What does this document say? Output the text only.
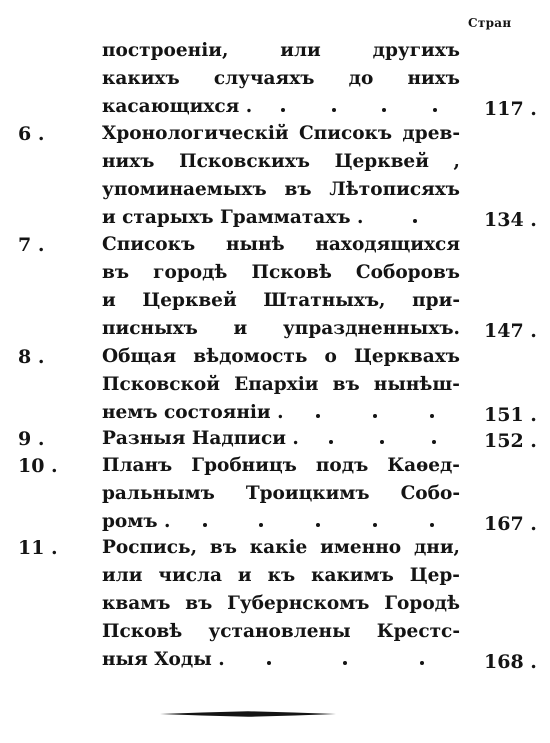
Cтран
построенiи, или другихъ
какихъ случаяхъ до нихъ
касающихся .	117 .
6 .	Хронологическiй Списокъ древ-
нихъ Псковскихъ Церквей ,
упоминаемыхъ въ Лѣтописяхъ
и старыхъ Грамматахъ .	134 .
7 .	Списокъ нынѣ находящихся
въ городѣ Псковѣ Соборовъ
и Церквей Штатныхъ, при-
писныхъ и упраздненныхъ. 147 .
8 .	Общая вѣдомость о Церквахъ
Псковской Епархiи въ нынѣш-
немъ состоянiи .	151 .
9 .	Разныя Надписи .	152 .
10 . Планъ Гробницъ подъ Каѳед-
ральнымъ Троицкимъ Собо-
ромъ .	167 .
11 . Роспись, въ какiе именно дни,
или числа и къ какимъ Цер-
квамъ въ Губернскомъ Городѣ
Псковѣ установлены Крестс-
ныя Ходы .	168 .
